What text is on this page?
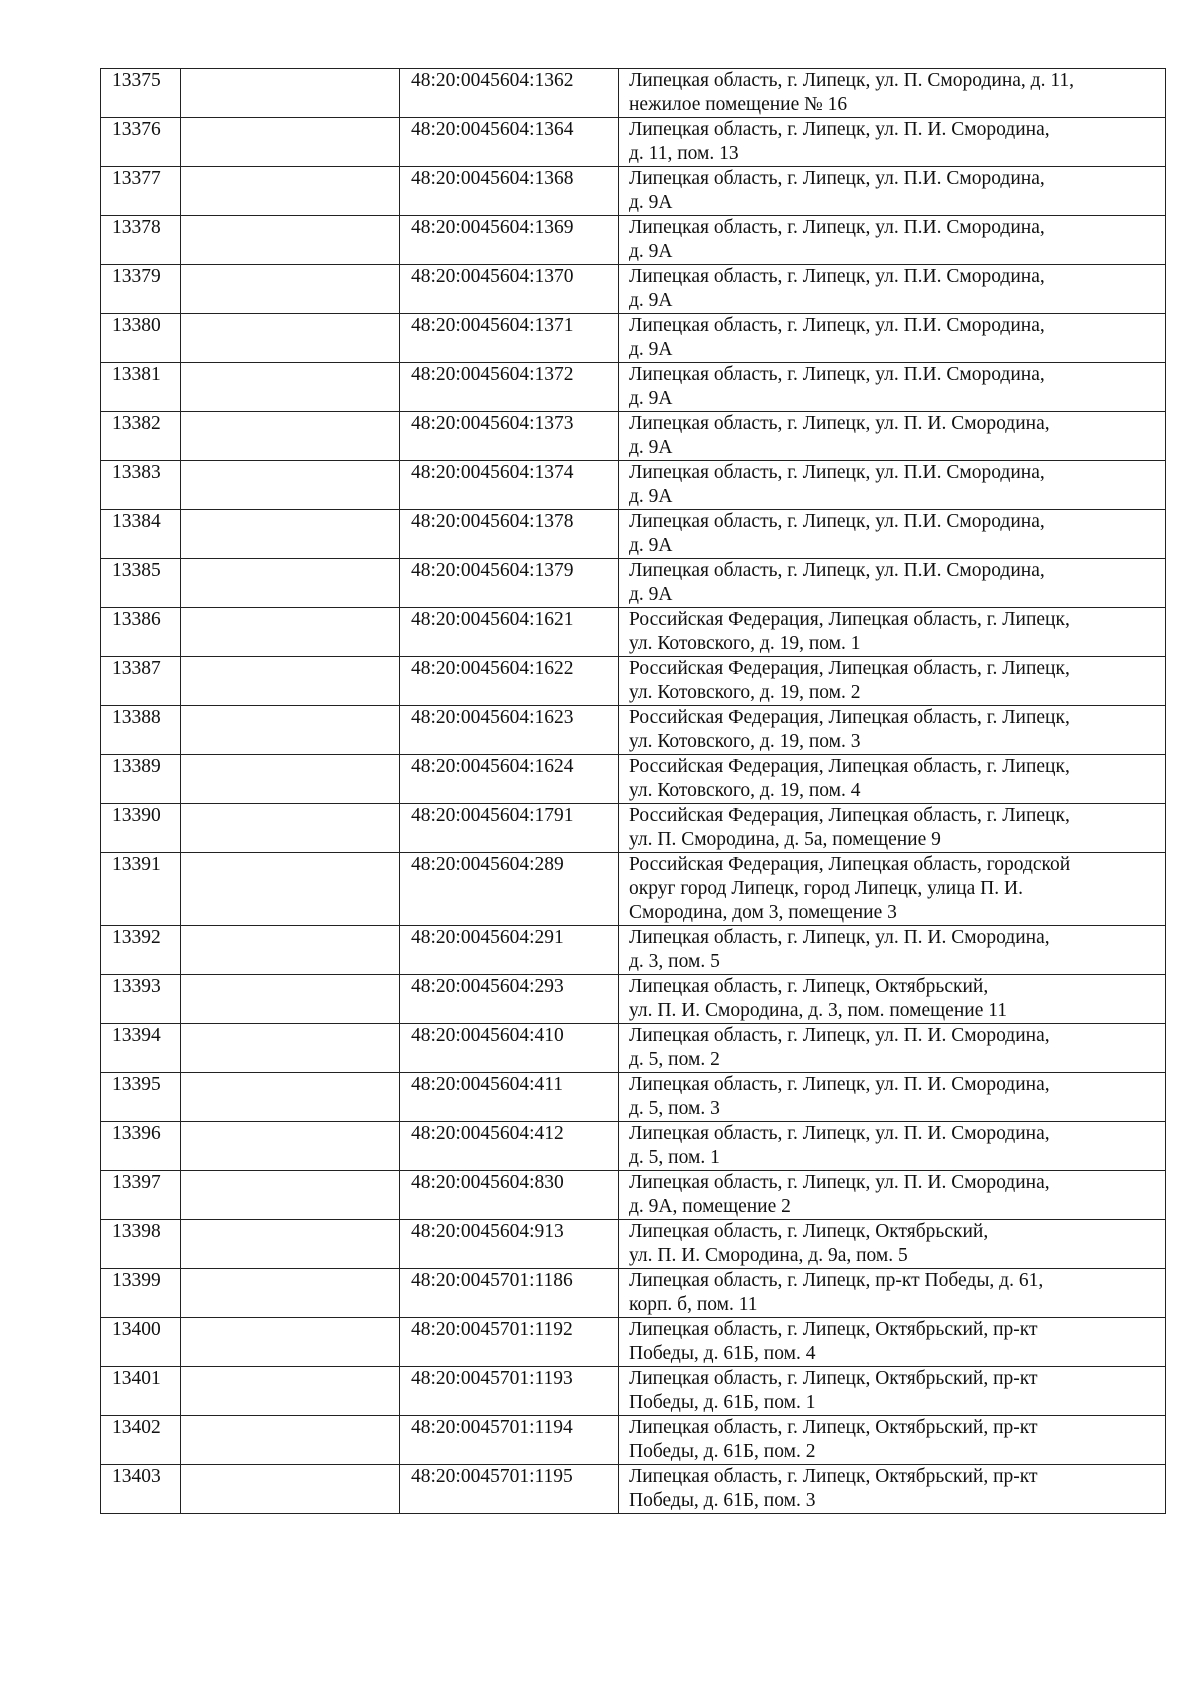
13375		48:20:0045604:1362	Липецкая область, г. Липецк, ул. П. Смородина, д. 11,
нежилое помещение № 16

13376		48:20:0045604:1364	Липецкая область, г. Липецк, ул. П. И. Смородина,
д. 11, пом. 13

13377		48:20:0045604:1368	Липецкая область, г. Липецк, ул. П.И. Смородина,
д. 9А

13378		48:20:0045604:1369	Липецкая область, г. Липецк, ул. П.И. Смородина,
д. 9А

13379		48:20:0045604:1370	Липецкая область, г. Липецк, ул. П.И. Смородина,
д. 9А

13380		48:20:0045604:1371	Липецкая область, г. Липецк, ул. П.И. Смородина,
д. 9А

13381		48:20:0045604:1372	Липецкая область, г. Липецк, ул. П.И. Смородина,
д. 9А

13382		48:20:0045604:1373	Липецкая область, г. Липецк, ул. П. И. Смородина,
д. 9А

13383		48:20:0045604:1374	Липецкая область, г. Липецк, ул. П.И. Смородина,
д. 9А

13384		48:20:0045604:1378	Липецкая область, г. Липецк, ул. П.И. Смородина,
д. 9А

13385		48:20:0045604:1379	Липецкая область, г. Липецк, ул. П.И. Смородина,
д. 9А

13386		48:20:0045604:1621	Российская Федерация, Липецкая область, г. Липецк,
ул. Котовского, д. 19, пом. 1

13387		48:20:0045604:1622	Российская Федерация, Липецкая область, г. Липецк,
ул. Котовского, д. 19, пом. 2

13388		48:20:0045604:1623	Российская Федерация, Липецкая область, г. Липецк,
ул. Котовского, д. 19, пом. 3

13389		48:20:0045604:1624	Российская Федерация, Липецкая область, г. Липецк,
ул. Котовского, д. 19, пом. 4

13390		48:20:0045604:1791	Российская Федерация, Липецкая область, г. Липецк,
ул. П. Смородина, д. 5а, помещение 9

13391		48:20:0045604:289	Российская Федерация, Липецкая область, городской
округ город Липецк, город Липецк, улица П. И.
Смородина, дом 3, помещение 3

13392		48:20:0045604:291	Липецкая область, г. Липецк, ул. П. И. Смородина,
д. 3, пом. 5

13393		48:20:0045604:293	Липецкая область, г. Липецк, Октябрьский,
ул. П. И. Смородина, д. 3, пом. помещение 11

13394		48:20:0045604:410	Липецкая область, г. Липецк, ул. П. И. Смородина,
д. 5, пом. 2

13395		48:20:0045604:411	Липецкая область, г. Липецк, ул. П. И. Смородина,
д. 5, пом. 3

13396		48:20:0045604:412	Липецкая область, г. Липецк, ул. П. И. Смородина,
д. 5, пом. 1

13397		48:20:0045604:830	Липецкая область, г. Липецк, ул. П. И. Смородина,
д. 9А, помещение 2

13398		48:20:0045604:913	Липецкая область, г. Липецк, Октябрьский,
ул. П. И. Смородина, д. 9а, пом. 5

13399		48:20:0045701:1186	Липецкая область, г. Липецк, пр-кт Победы, д. 61,
корп. б, пом. 11

13400		48:20:0045701:1192	Липецкая область, г. Липецк, Октябрьский, пр-кт
Победы, д. 61Б, пом. 4

13401		48:20:0045701:1193	Липецкая область, г. Липецк, Октябрьский, пр-кт
Победы, д. 61Б, пом. 1

13402		48:20:0045701:1194	Липецкая область, г. Липецк, Октябрьский, пр-кт
Победы, д. 61Б, пом. 2

13403		48:20:0045701:1195	Липецкая область, г. Липецк, Октябрьский, пр-кт
Победы, д. 61Б, пом. 3
